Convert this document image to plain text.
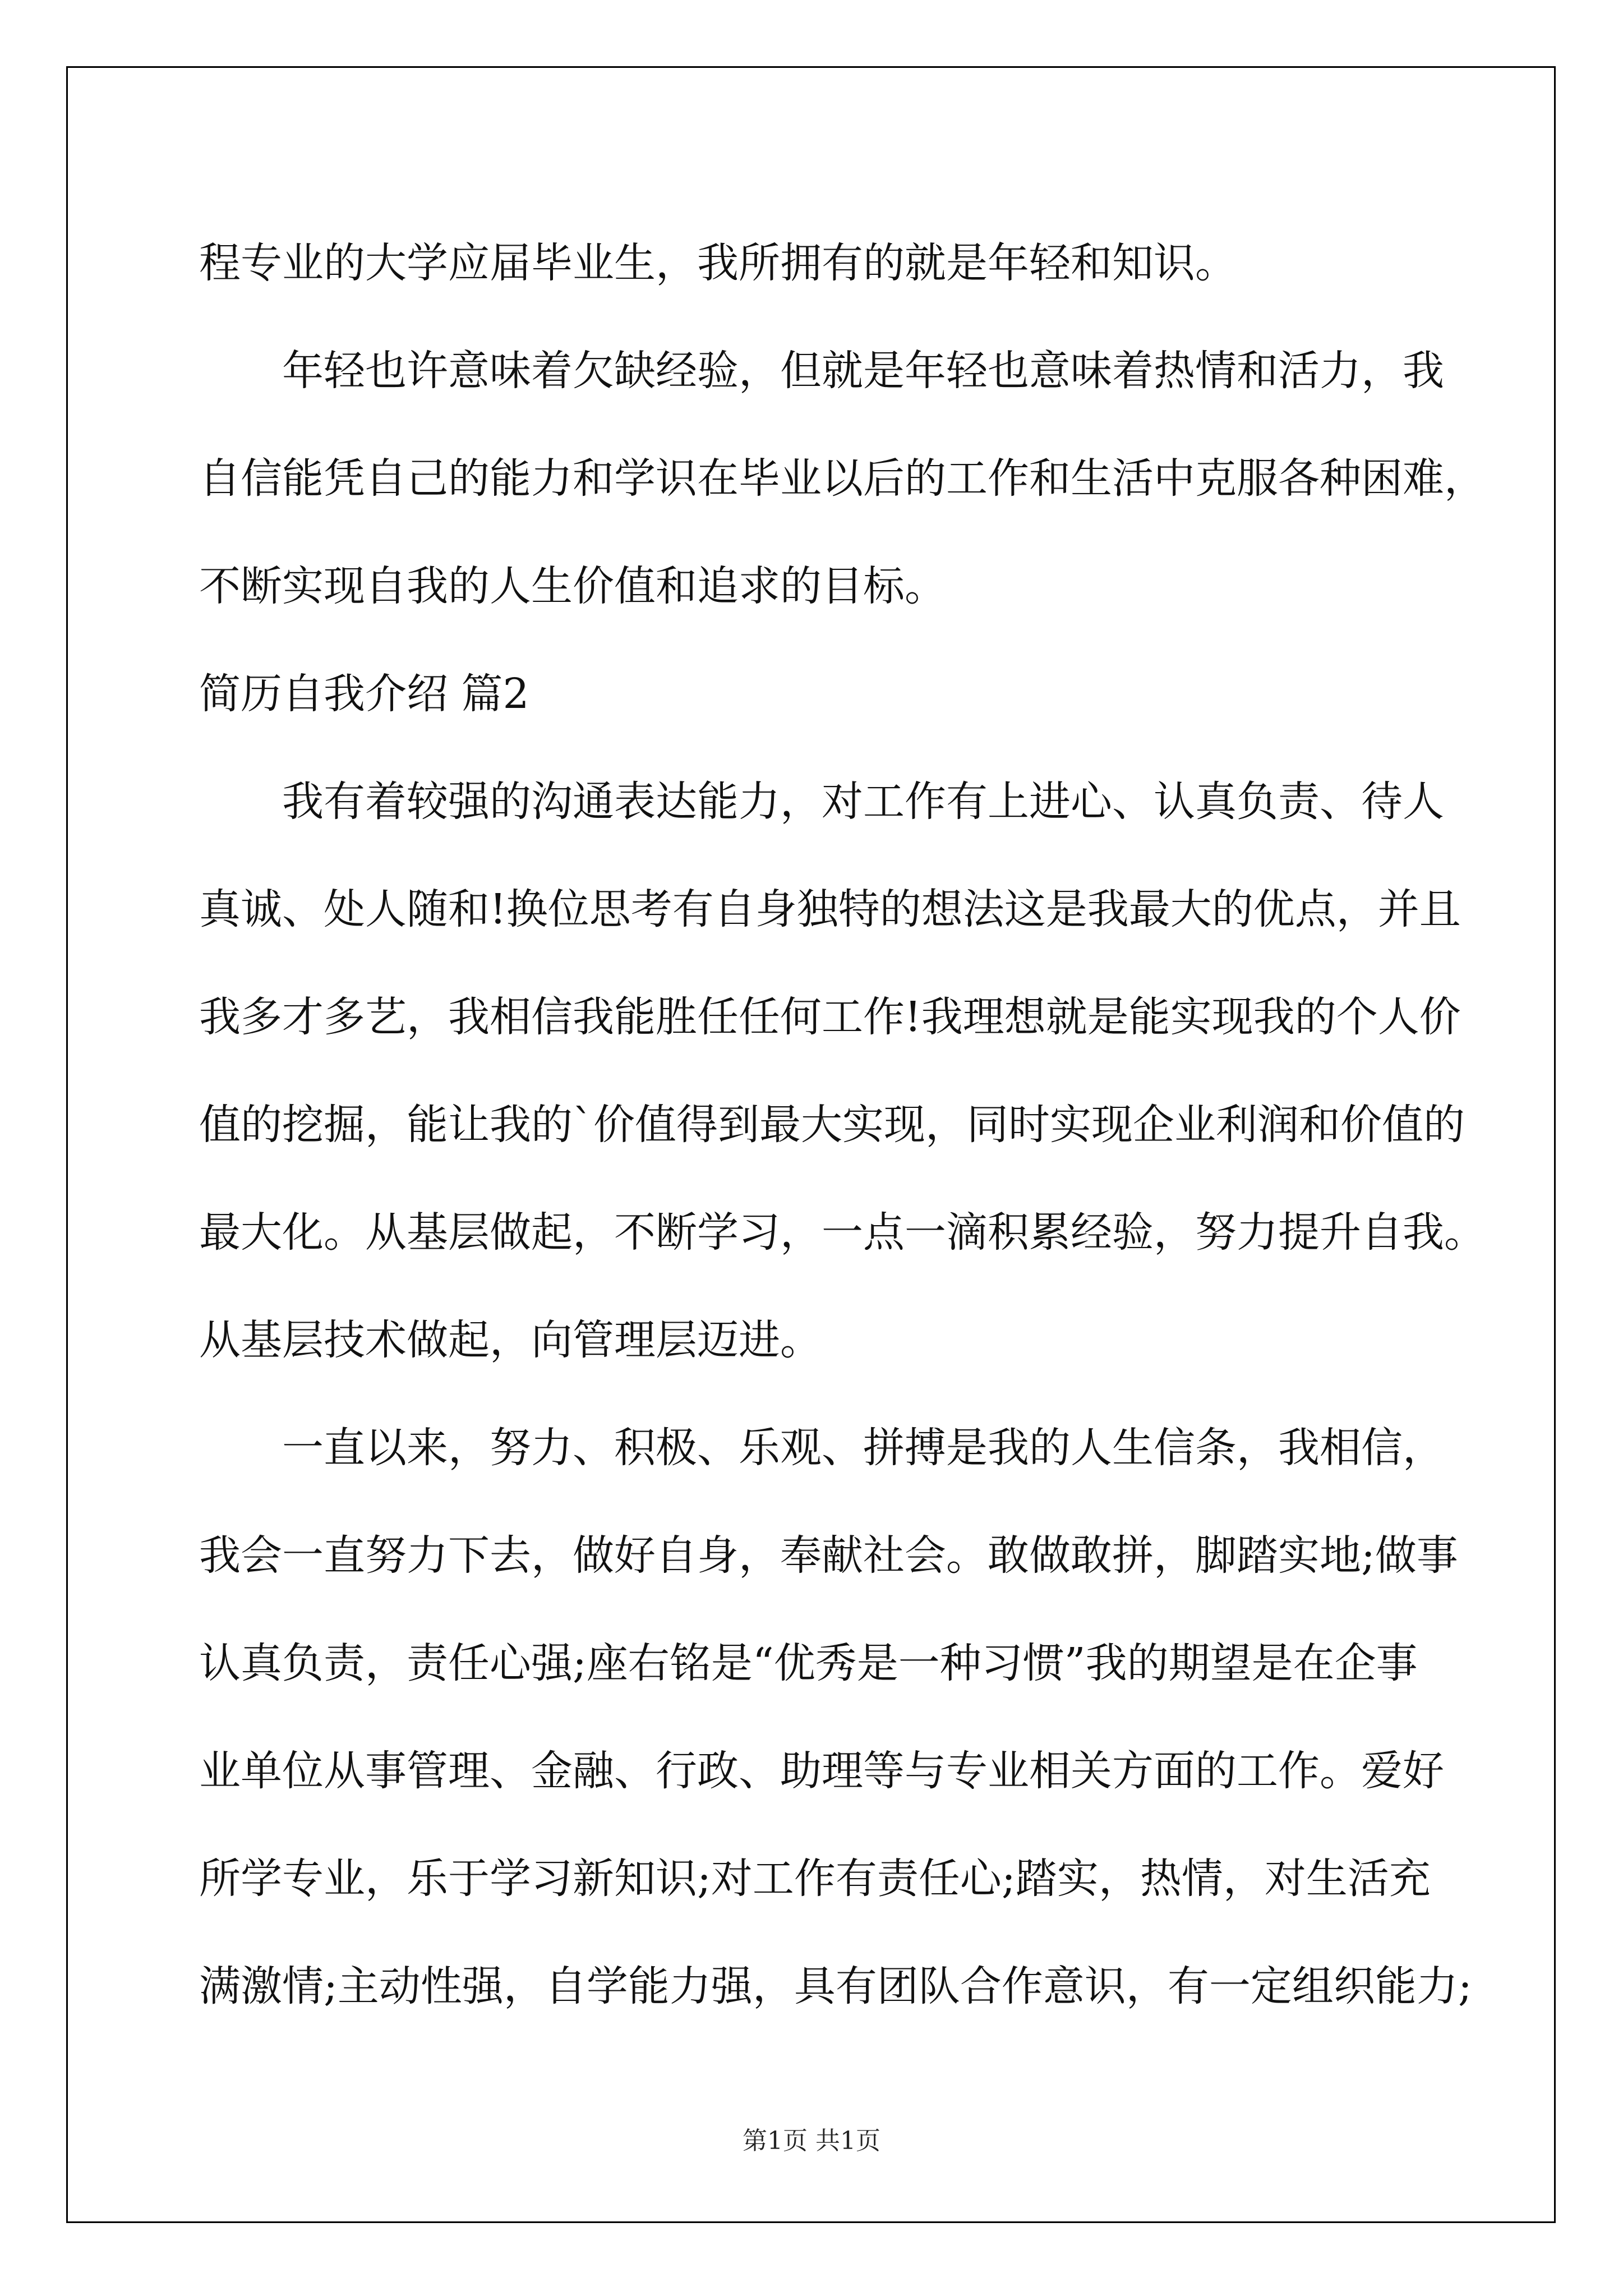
程专业的大学应届毕业生，我所拥有的就是年轻和知识。
年轻也许意味着欠缺经验，但就是年轻也意味着热情和活力，我
自信能凭自己的能力和学识在毕业以后的工作和生活中克服各种困难，
不断实现自我的人生价值和追求的目标。
简历自我介绍 篇2
我有着较强的沟通表达能力，对工作有上进心、认真负责、待人
真诚、处人随和!换位思考有自身独特的想法这是我最大的优点，并且
我多才多艺，我相信我能胜任任何工作!我理想就是能实现我的个人价
值的挖掘，能让我的`价值得到最大实现，同时实现企业利润和价值的
最大化。从基层做起，不断学习，一点一滴积累经验，努力提升自我。
从基层技术做起，向管理层迈进。
一直以来，努力、积极、乐观、拼搏是我的人生信条，我相信，
我会一直努力下去，做好自身，奉献社会。敢做敢拼，脚踏实地;做事
认真负责，责任心强;座右铭是“优秀是一种习惯”我的期望是在企事
业单位从事管理、金融、行政、助理等与专业相关方面的工作。爱好
所学专业，乐于学习新知识;对工作有责任心;踏实，热情，对生活充
满激情;主动性强，自学能力强，具有团队合作意识，有一定组织能力;
第1页 共1页
